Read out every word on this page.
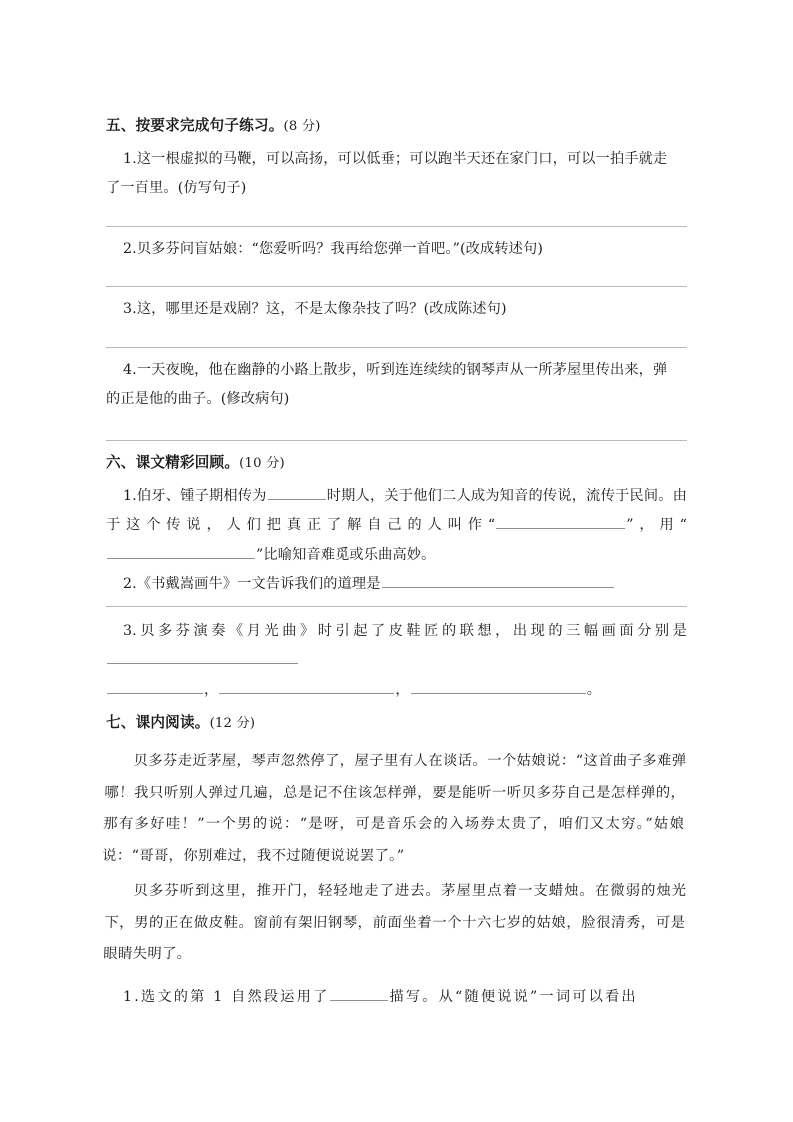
五、按要求完成句子练习。(8 分)

1.这一根虚拟的马鞭，可以高扬，可以低垂；可以跑半天还在家门口，可以一拍手就走

了一百里。(仿写句子)

2.贝多芬问盲姑娘：“您爱听吗？我再给您弹一首吧。”(改成转述句)

3.这，哪里还是戏剧？这，不是太像杂技了吗？(改成陈述句)

4.一天夜晚，他在幽静的小路上散步，听到连连续续的钢琴声从一所茅屋里传出来，弹

的正是他的曲子。(修改病句)

六、课文精彩回顾。(10 分)

1.伯牙、锺子期相传为	时期人，关于他们二人成为知音的传说，流传于民间。由于这个传说，人们把真正了解自己的人叫作“	”，用“”比喻知音难觅或乐曲高妙。

2.《书戴嵩画牛》一文告诉我们的道理是

3.贝多芬演奏《月光曲》时引起了皮鞋匠的联想，出现的三幅画面分别是

，	，	。

七、课内阅读。(12 分)

贝多芬走近茅屋，琴声忽然停了，屋子里有人在谈话。一个姑娘说：“这首曲子多难弹哪！我只听别人弹过几遍，总是记不住该怎样弹，要是能听一听贝多芬自己是怎样弹的，那有多好哇！”一个男的说：“是呀，可是音乐会的入场券太贵了，咱们又太穷。”姑娘说：“哥哥，你别难过，我不过随便说说罢了。”

贝多芬听到这里，推开门，轻轻地走了进去。茅屋里点着一支蜡烛。在微弱的烛光下，男的正在做皮鞋。窗前有架旧钢琴，前面坐着一个十六七岁的姑娘，脸很清秀，可是眼睛失明了。

1.选文的第 1 自然段运用了	描写。从“随便说说”一词可以看出
